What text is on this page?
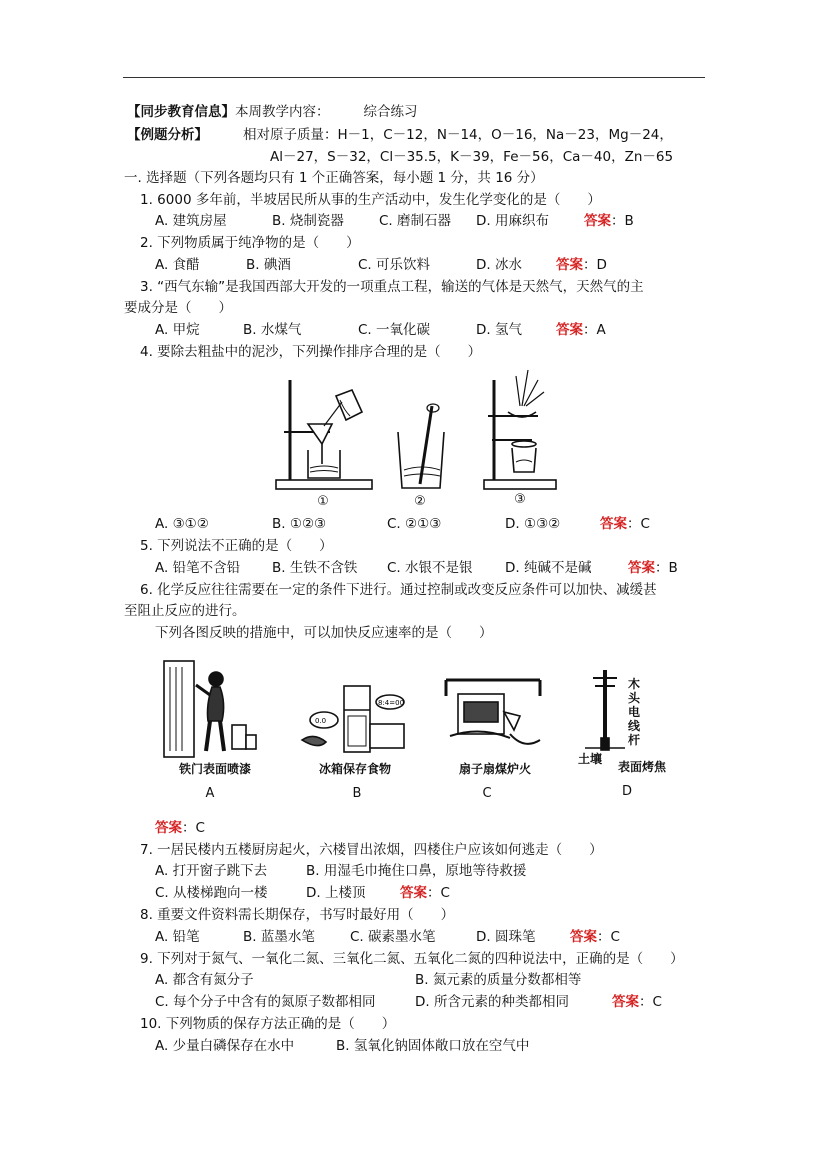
【同步教育信息】本周教学内容：	综合练习
【例题分析】	相对原子质量：H－1，C－12，N－14，O－16，Na－23，Mg－24，
Al－27，S－32，Cl－35.5，K－39，Fe－56，Ca－40，Zn－65
一. 选择题（下列各题均只有 1 个正确答案，每小题 1 分，共 16 分）
1. 6000 多年前，半坡居民所从事的生产活动中，发生化学变化的是（　　）
A. 建筑房屋	B. 烧制瓷器	C. 磨制石器 D. 用麻织布	答案：B
2. 下列物质属于纯净物的是（　　）
A. 食醋	B. 碘酒	C. 可乐饮料	D. 冰水	答案：D
3. “西气东输”是我国西部大开发的一项重点工程，输送的气体是天然气，天然气的主
要成分是（　　）
A. 甲烷	B. 水煤气	C. 一氧化碳	D. 氢气	答案：A
4. 要除去粗盐中的泥沙，下列操作排序合理的是（　　）
①	②	③
A. ③①②	B. ①②③	C. ②①③	D. ①③②	答案：C
5. 下列说法不正确的是（　　）
A. 铅笔不含铅 B. 生铁不含铁 C. 水银不是银 D. 纯碱不是碱	答案：B
6. 化学反应往往需要在一定的条件下进行。通过控制或改变反应条件可以加快、减缓甚
至阻止反应的进行。
下列各图反映的措施中，可以加快反应速率的是（　　）
铁门表面喷漆
A
0.0
8:4=00
冰箱保存食物
B
扇子扇煤炉火
C
木
头
电
线
杆
土壤
表面烤焦
D
答案：C
7. 一居民楼内五楼厨房起火，六楼冒出浓烟，四楼住户应该如何逃走（　　）
A. 打开窗子跳下去	B. 用湿毛巾掩住口鼻，原地等待救援
C. 从楼梯跑向一楼	D. 上楼顶	答案：C
8. 重要文件资料需长期保存，书写时最好用（　　）
A. 铅笔	B. 蓝墨水笔	C. 碳素墨水笔	D. 圆珠笔	答案：C
9. 下列对于氮气、一氧化二氮、三氧化二氮、五氧化二氮的四种说法中，正确的是（　　）
A. 都含有氮分子	B. 氮元素的质量分数都相等
C. 每个分子中含有的氮原子数都相同	D. 所含元素的种类都相同	答案：C
10. 下列物质的保存方法正确的是（　　）
A. 少量白磷保存在水中	B. 氢氧化钠固体敞口放在空气中
